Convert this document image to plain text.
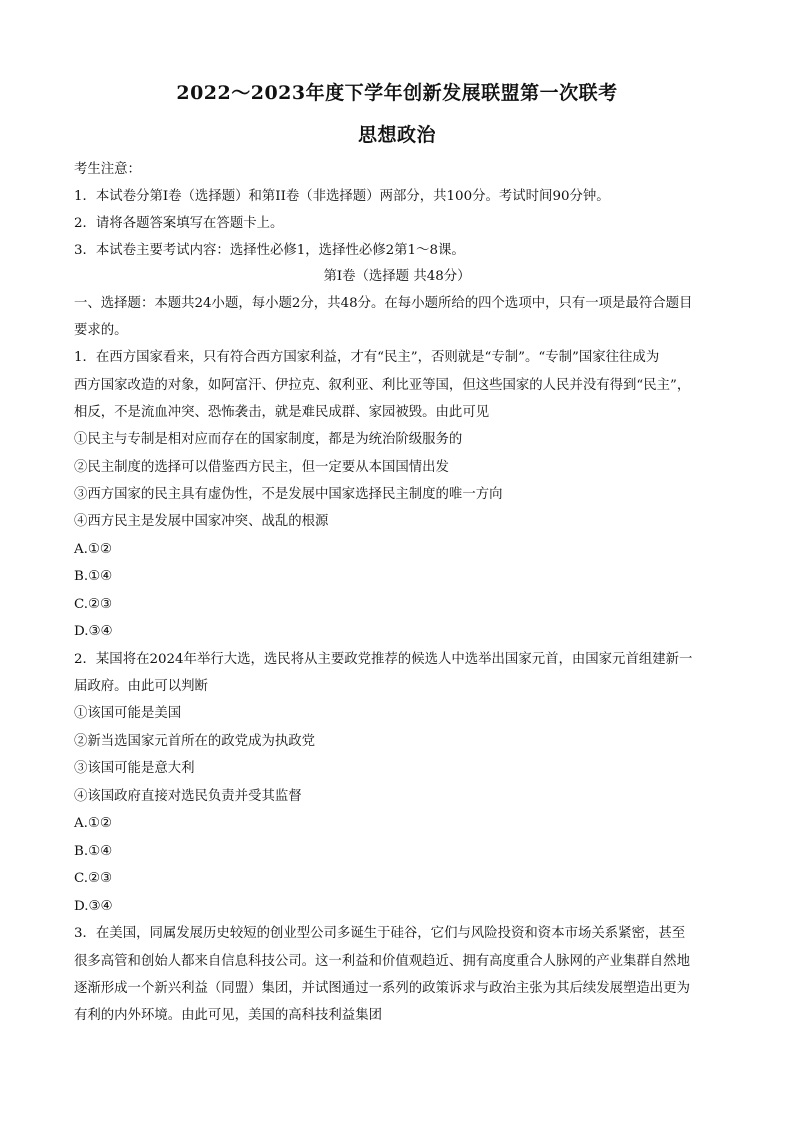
2022～2023年度下学年创新发展联盟第一次联考
思想政治
考生注意：
1．本试卷分第Ⅰ卷（选择题）和第II卷（非选择题）两部分，共100分。考试时间90分钟。
2．请将各题答案填写在答题卡上。
3．本试卷主要考试内容：选择性必修1，选择性必修2第1～8课。
第Ⅰ卷（选择题 共48分）
一、选择题：本题共24小题，每小题2分，共48分。在每小题所给的四个选项中，只有一项是最符合题目
要求的。
1．在西方国家看来，只有符合西方国家利益，才有“民主”，否则就是“专制”。“专制”国家往往成为
西方国家改造的对象，如阿富汗、伊拉克、叙利亚、利比亚等国，但这些国家的人民并没有得到“民主”，
相反，不是流血冲突、恐怖袭击，就是难民成群、家园被毁。由此可见
①民主与专制是相对应而存在的国家制度，都是为统治阶级服务的
②民主制度的选择可以借鉴西方民主，但一定要从本国国情出发
③西方国家的民主具有虚伪性，不是发展中国家选择民主制度的唯一方向
④西方民主是发展中国家冲突、战乱的根源
A.①②
B.①④
C.②③
D.③④
2．某国将在2024年举行大选，选民将从主要政党推荐的候选人中选举出国家元首，由国家元首组建新一
届政府。由此可以判断
①该国可能是美国
②新当选国家元首所在的政党成为执政党
③该国可能是意大利
④该国政府直接对选民负责并受其监督
A.①②
B.①④
C.②③
D.③④
3．在美国，同属发展历史较短的创业型公司多诞生于硅谷，它们与风险投资和资本市场关系紧密，甚至
很多高管和创始人都来自信息科技公司。这一利益和价值观趋近、拥有高度重合人脉网的产业集群自然地
逐渐形成一个新兴利益（同盟）集团，并试图通过一系列的政策诉求与政治主张为其后续发展塑造出更为
有利的内外环境。由此可见，美国的高科技利益集团
